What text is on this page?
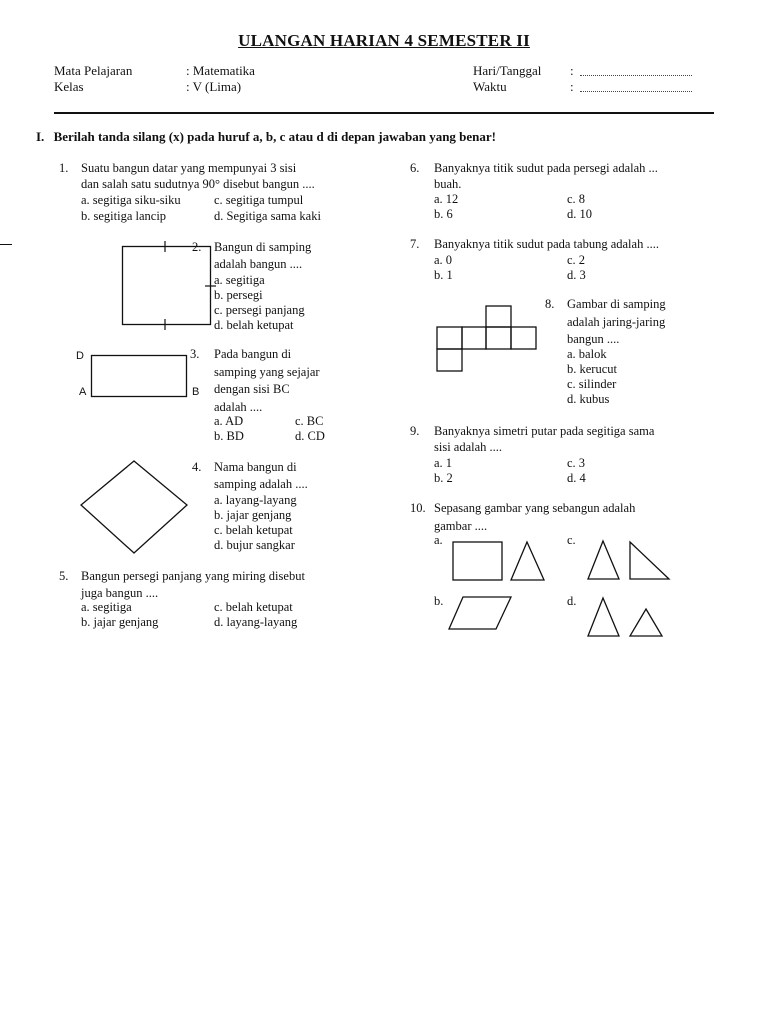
ULANGAN HARIAN 4 SEMESTER II
Mata Pelajaran	: Matematika
Kelas	: V (Lima)
Hari/Tanggal :
Waktu	:
I. Berilah tanda silang (x) pada huruf a, b, c atau d di depan jawaban yang benar!
1. Suatu bangun datar yang mempunyai 3 sisi
dan salah satu sudutnya 90° disebut bangun ....
a. segitiga siku-siku
b. segitiga lancip
c. segitiga tumpul
d. Segitiga sama kaki
2. Bangun di samping
adalah bangun ....
a. segitiga
b. persegi
c. persegi panjang
d. belah ketupat
D
A	B
3. Pada bangun di
samping yang sejajar
dengan sisi BC
adalah ....
a. AD
b. BD
c. BC
d. CD
4. Nama bangun di
samping adalah ....
a. layang-layang
b. jajar genjang
c. belah ketupat
d. bujur sangkar
5. Bangun persegi panjang yang miring disebut
juga bangun ....
a. segitiga
b. jajar genjang
c. belah ketupat
d. layang-layang
6. Banyaknya titik sudut pada persegi adalah ...
buah.
a. 12
b. 6
c. 8
d. 10
7. Banyaknya titik sudut pada tabung adalah ....
a. 0
b. 1
c. 2
d. 3
8. Gambar di samping
adalah jaring-jaring
bangun ....
a. balok
b. kerucut
c. silinder
d. kubus
9. Banyaknya simetri putar pada segitiga sama
sisi adalah ....
a. 1
b. 2
c. 3
d. 4
10. Sepasang gambar yang sebangun adalah
gambar ....
a.	c.
b.	d.
